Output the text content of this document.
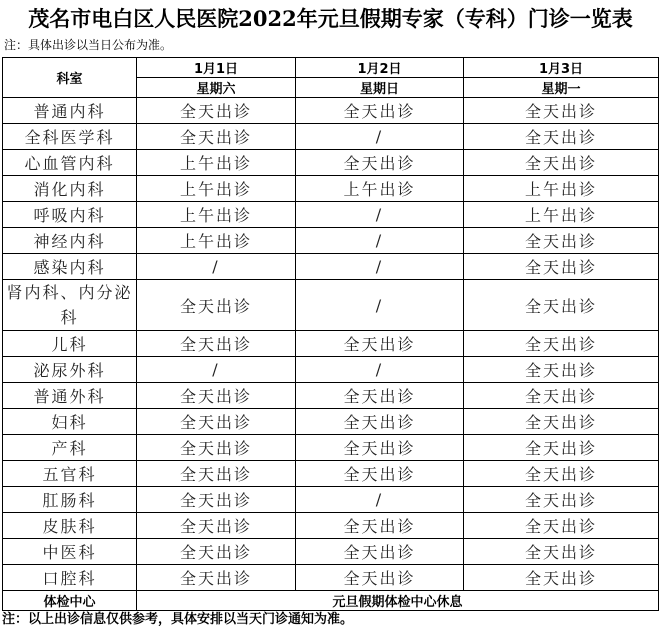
茂名市电白区人民医院2022年元旦假期专家（专科）门诊一览表
注：具体出诊以当日公布为准。
科室	1月1日	1月2日	1月3日
	星期六	星期日	星期一
普通内科	全天出诊	全天出诊	全天出诊
全科医学科	全天出诊	/	全天出诊
心血管内科	上午出诊	全天出诊	全天出诊
消化内科	上午出诊	上午出诊	上午出诊
呼吸内科	上午出诊	/	上午出诊
神经内科	上午出诊	/	全天出诊
感染内科	/	/	全天出诊
肾内科、内分泌科	全天出诊	/	全天出诊
儿科	全天出诊	全天出诊	全天出诊
泌尿外科	/	/	全天出诊
普通外科	全天出诊	全天出诊	全天出诊
妇科	全天出诊	全天出诊	全天出诊
产科	全天出诊	全天出诊	全天出诊
五官科	全天出诊	全天出诊	全天出诊
肛肠科	全天出诊	/	全天出诊
皮肤科	全天出诊	全天出诊	全天出诊
中医科	全天出诊	全天出诊	全天出诊
口腔科	全天出诊	全天出诊	全天出诊
体检中心	元旦假期体检中心休息		
注：以上出诊信息仅供参考，具体安排以当天门诊通知为准。
